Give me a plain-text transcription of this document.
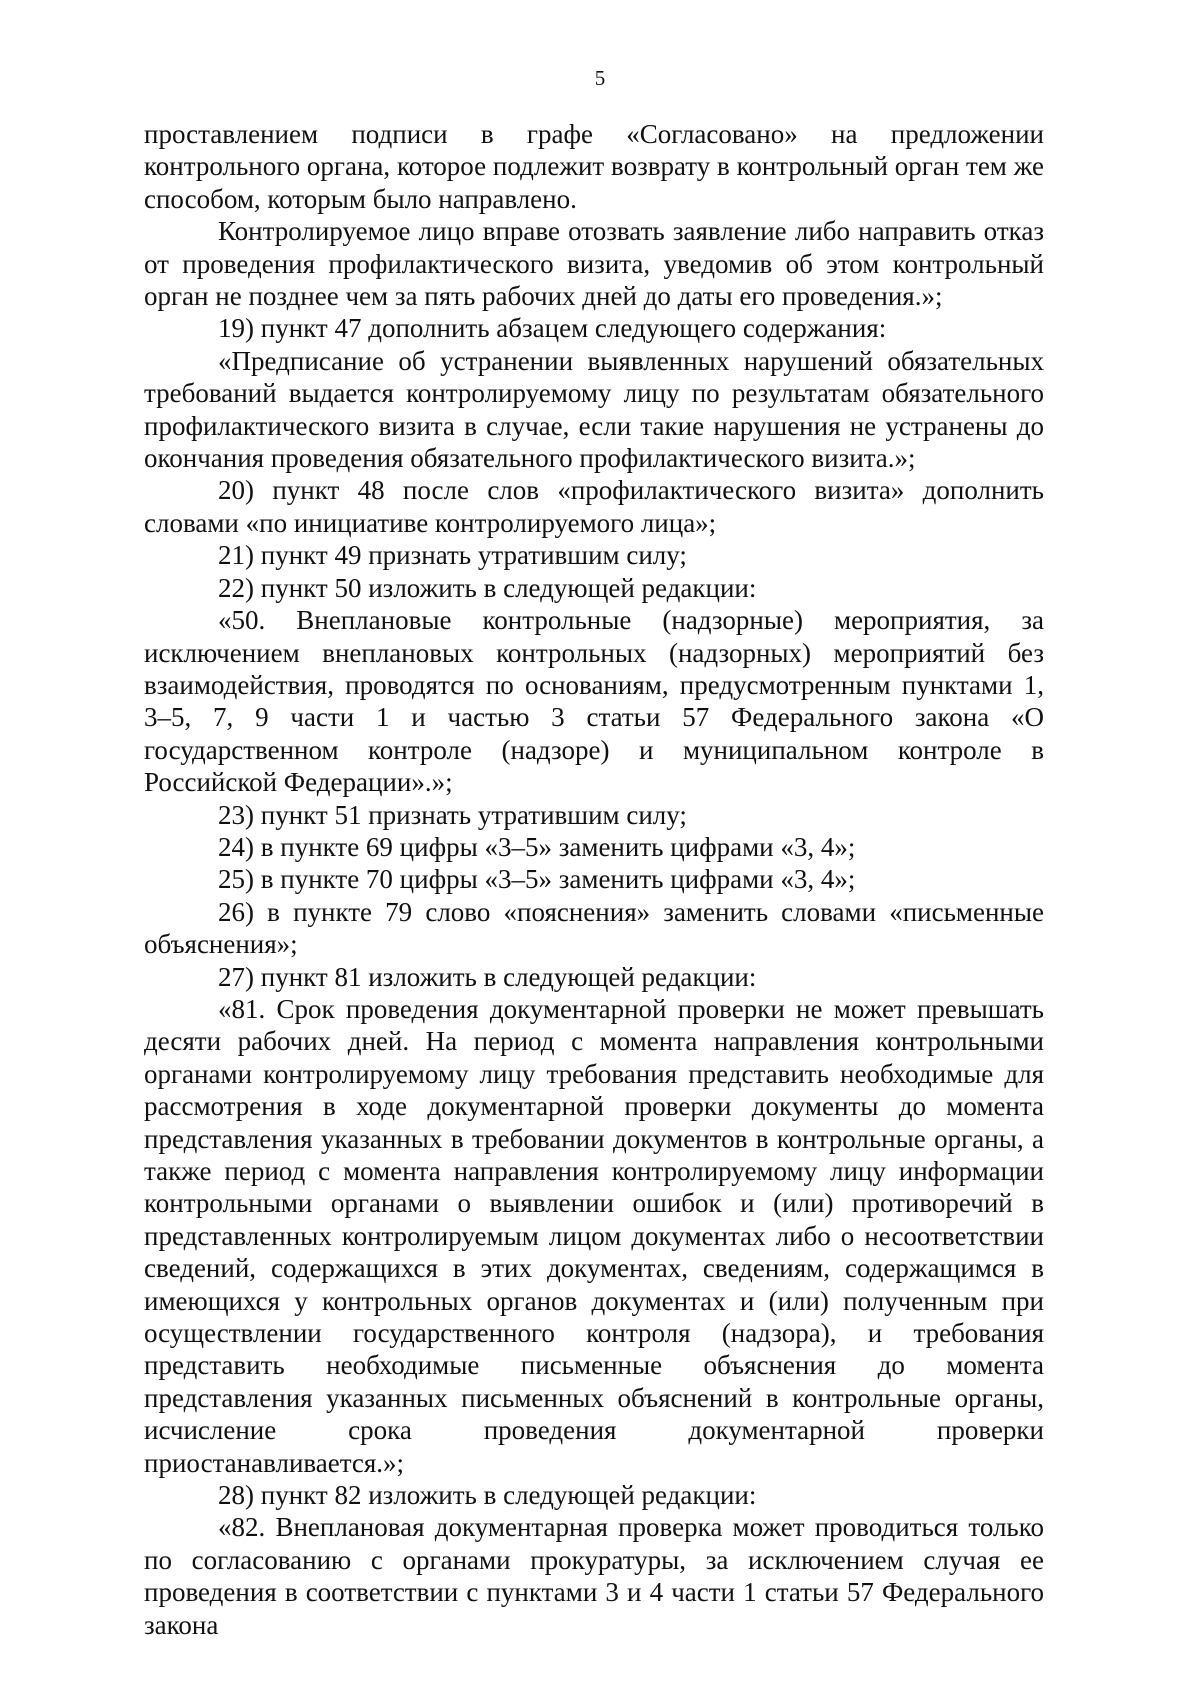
5

проставлением подписи в графе «Согласовано» на предложении контрольного органа, которое подлежит возврату в контрольный орган тем же способом, которым было направлено.

Контролируемое лицо вправе отозвать заявление либо направить отказ от проведения профилактического визита, уведомив об этом контрольный орган не позднее чем за пять рабочих дней до даты его проведения.»;

19) пункт 47 дополнить абзацем следующего содержания:

«Предписание об устранении выявленных нарушений обязательных требований выдается контролируемому лицу по результатам обязательного профилактического визита в случае, если такие нарушения не устранены до окончания проведения обязательного профилактического визита.»;

20) пункт 48 после слов «профилактического визита» дополнить словами «по инициативе контролируемого лица»;

21) пункт 49 признать утратившим силу;

22) пункт 50 изложить в следующей редакции:

«50. Внеплановые контрольные (надзорные) мероприятия, за исключением внеплановых контрольных (надзорных) мероприятий без взаимодействия, проводятся по основаниям, предусмотренным пунктами 1, 3–5, 7, 9 части 1 и частью 3 статьи 57 Федерального закона «О государственном контроле (надзоре) и муниципальном контроле в Российской Федерации».»;

23) пункт 51 признать утратившим силу;

24) в пункте 69 цифры «3–5» заменить цифрами «3, 4»;

25) в пункте 70 цифры «3–5» заменить цифрами «3, 4»;

26) в пункте 79 слово «пояснения» заменить словами «письменные объяснения»;

27) пункт 81 изложить в следующей редакции:

«81. Срок проведения документарной проверки не может превышать десяти рабочих дней. На период с момента направления контрольными органами контролируемому лицу требования представить необходимые для рассмотрения в ходе документарной проверки документы до момента представления указанных в требовании документов в контрольные органы, а также период с момента направления контролируемому лицу информации контрольными органами о выявлении ошибок и (или) противоречий в представленных контролируемым лицом документах либо о несоответствии сведений, содержащихся в этих документах, сведениям, содержащимся в имеющихся у контрольных органов документах и (или) полученным при осуществлении государственного контроля (надзора), и требования представить необходимые письменные объяснения до момента представления указанных письменных объяснений в контрольные органы, исчисление срока проведения документарной проверки приостанавливается.»;

28) пункт 82 изложить в следующей редакции:

«82. Внеплановая документарная проверка может проводиться только по согласованию с органами прокуратуры, за исключением случая ее проведения в соответствии с пунктами 3 и 4 части 1 статьи 57 Федерального закона
